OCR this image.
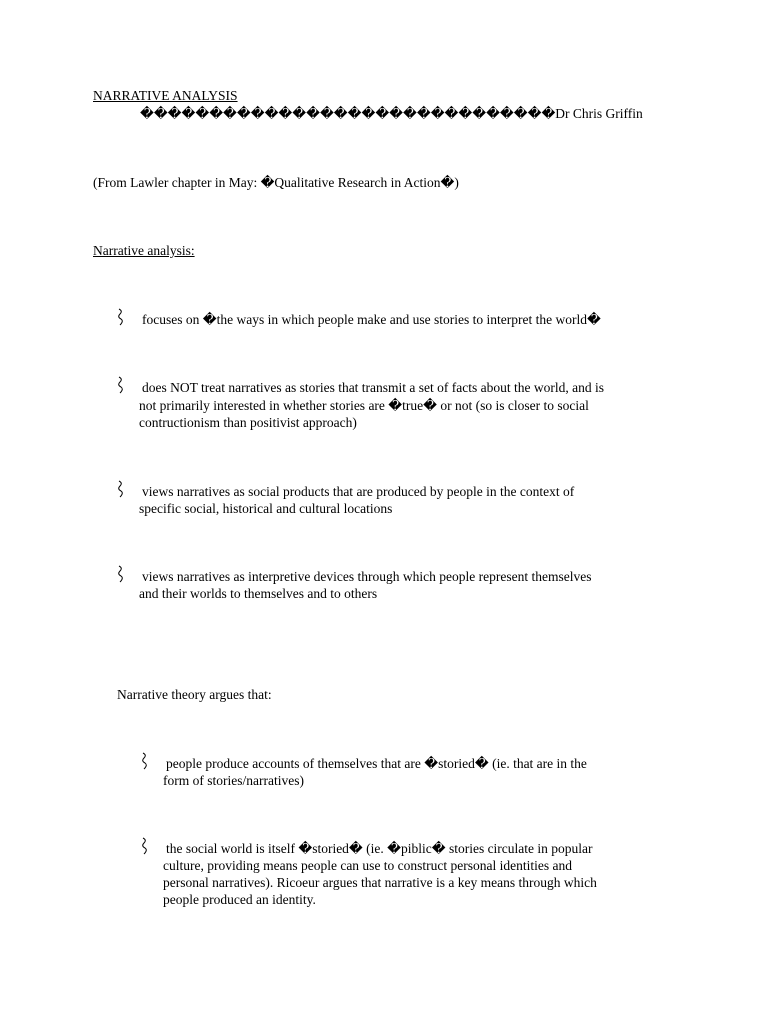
NARRATIVE ANALYSIS
������������������������������Dr Chris Griffin
(From Lawler chapter in May: �Qualitative Research in Action�)
Narrative analysis:
focuses on �the ways in which people make and use stories to interpret the world�
does NOT treat narratives as stories that transmit a set of facts about the world, and is
not primarily interested in whether stories are �true� or not (so is closer to social
contructionism than positivist approach)
views narratives as social products that are produced by people in the context of
specific social, historical and cultural locations
views narratives as interpretive devices through which people represent themselves
and their worlds to themselves and to others
Narrative theory argues that:
people produce accounts of themselves that are �storied� (ie. that are in the
form of stories/narratives)
the social world is itself �storied� (ie. �piblic� stories circulate in popular
culture, providing means people can use to construct personal identities and
personal narratives). Ricoeur argues that narrative is a key means through which
people produced an identity.
